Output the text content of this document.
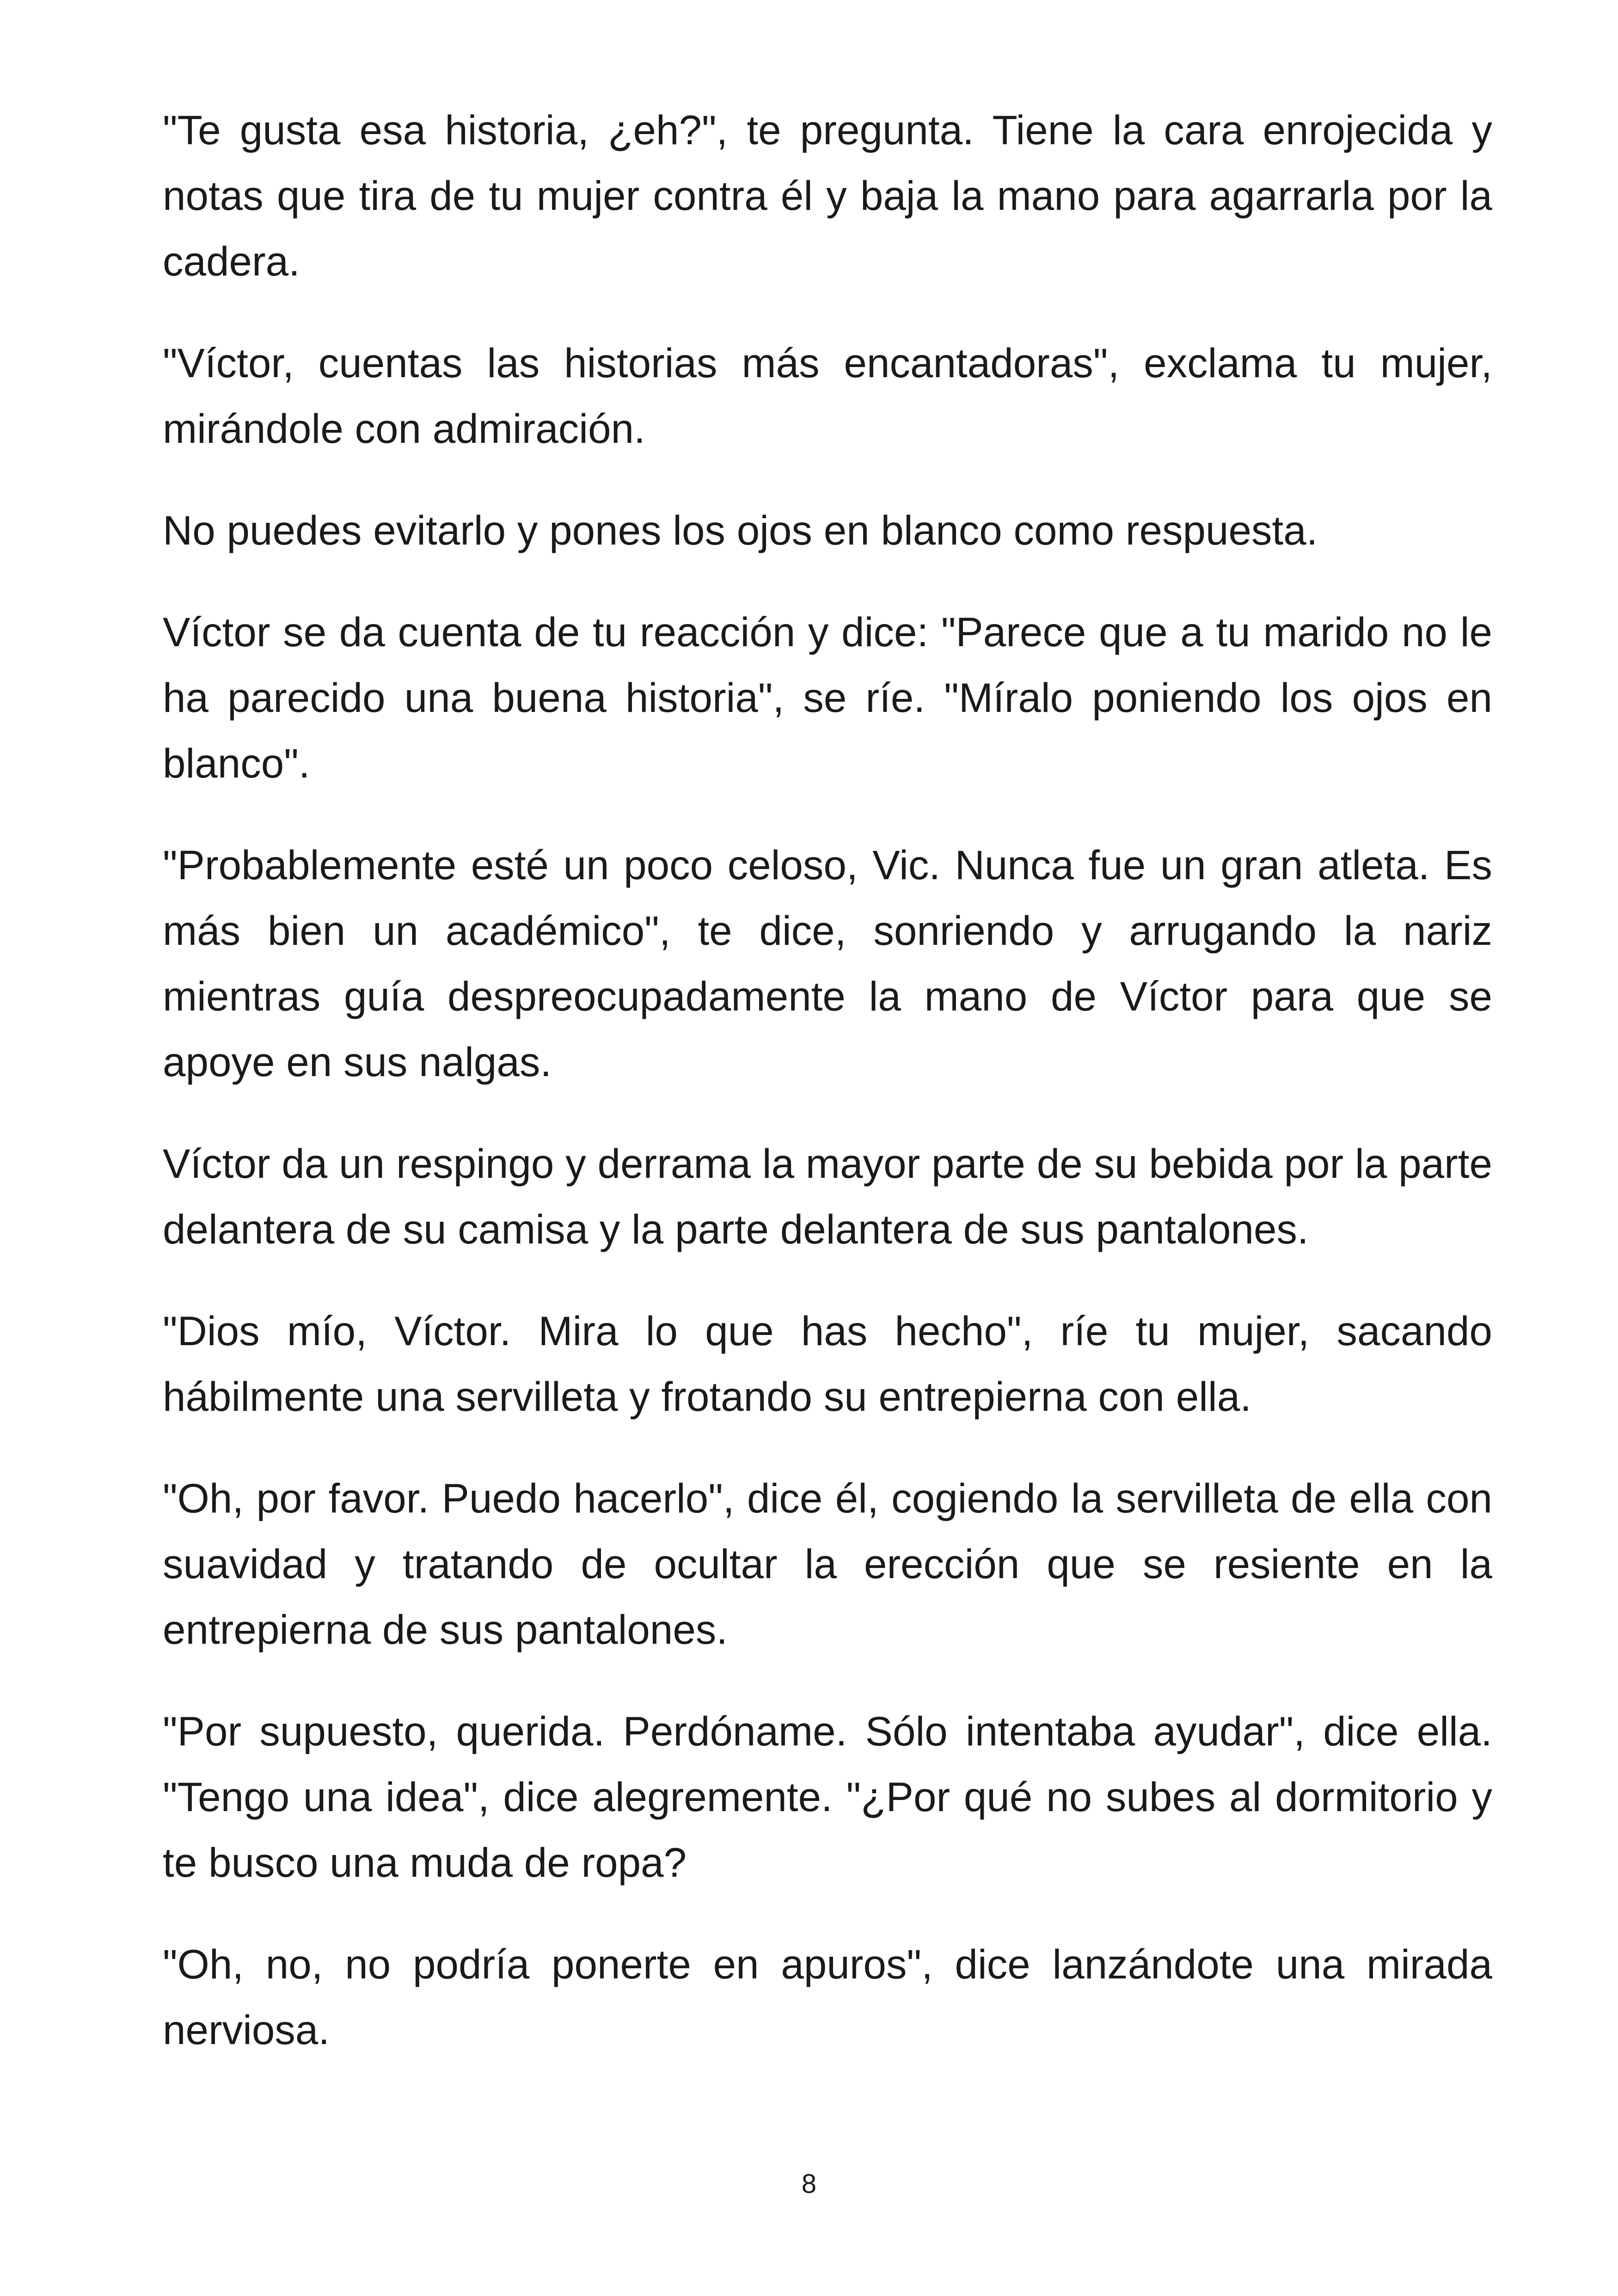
"Te gusta esa historia, ¿eh?", te pregunta. Tiene la cara enrojecida y notas que tira de tu mujer contra él y baja la mano para agarrarla por la cadera.

"Víctor, cuentas las historias más encantadoras", exclama tu mujer, mirándole con admiración.

No puedes evitarlo y pones los ojos en blanco como respuesta.

Víctor se da cuenta de tu reacción y dice: "Parece que a tu marido no le ha parecido una buena historia", se ríe. "Míralo poniendo los ojos en blanco".

"Probablemente esté un poco celoso, Vic. Nunca fue un gran atleta. Es más bien un académico", te dice, sonriendo y arrugando la nariz mientras guía despreocupadamente la mano de Víctor para que se apoye en sus nalgas.

Víctor da un respingo y derrama la mayor parte de su bebida por la parte delantera de su camisa y la parte delantera de sus pantalones.

"Dios mío, Víctor. Mira lo que has hecho", ríe tu mujer, sacando hábilmente una servilleta y frotando su entrepierna con ella.

"Oh, por favor. Puedo hacerlo", dice él, cogiendo la servilleta de ella con suavidad y tratando de ocultar la erección que se resiente en la entrepierna de sus pantalones.

"Por supuesto, querida. Perdóname. Sólo intentaba ayudar", dice ella. "Tengo una idea", dice alegremente. "¿Por qué no subes al dormitorio y te busco una muda de ropa?

"Oh, no, no podría ponerte en apuros", dice lanzándote una mirada nerviosa.

8
